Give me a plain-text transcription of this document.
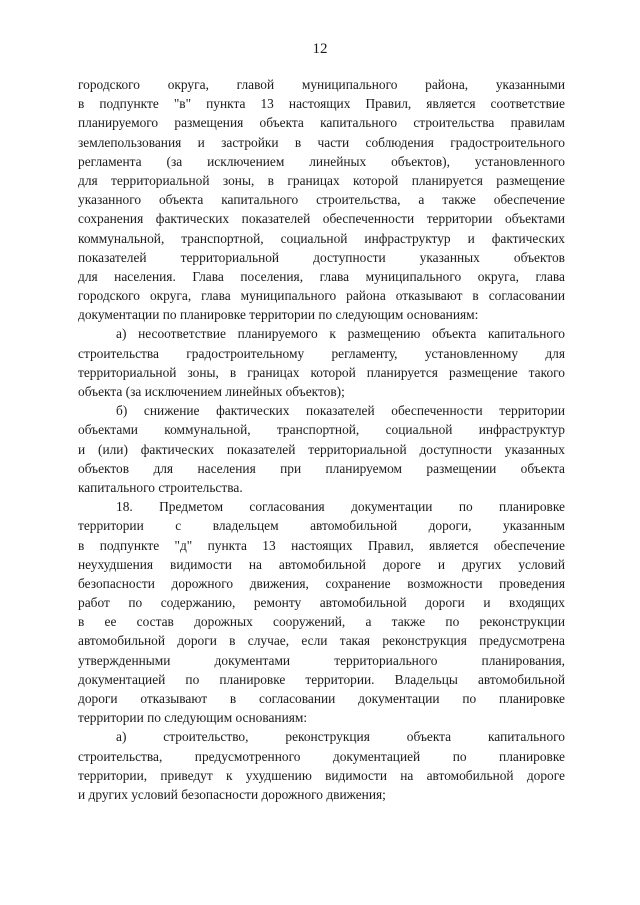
12
городского округа, главой муниципального района, указанными
в подпункте "в" пункта 13 настоящих Правил, является соответствие
планируемого размещения объекта капитального строительства правилам
землепользования и застройки в части соблюдения градостроительного
регламента (за исключением линейных объектов), установленного
для территориальной зоны, в границах которой планируется размещение
указанного объекта капитального строительства, а также обеспечение
сохранения фактических показателей обеспеченности территории объектами
коммунальной, транспортной, социальной инфраструктур и фактических
показателей территориальной доступности указанных объектов
для населения. Глава поселения, глава муниципального округа, глава
городского округа, глава муниципального района отказывают в согласовании
документации по планировке территории по следующим основаниям:
а) несоответствие планируемого к размещению объекта капитального
строительства градостроительному регламенту, установленному для
территориальной зоны, в границах которой планируется размещение такого
объекта (за исключением линейных объектов);
б) снижение фактических показателей обеспеченности территории
объектами коммунальной, транспортной, социальной инфраструктур
и (или) фактических показателей территориальной доступности указанных
объектов для населения при планируемом размещении объекта
капитального строительства.
18. Предметом согласования документации по планировке
территории с владельцем автомобильной дороги, указанным
в подпункте "д" пункта 13 настоящих Правил, является обеспечение
неухудшения видимости на автомобильной дороге и других условий
безопасности дорожного движения, сохранение возможности проведения
работ по содержанию, ремонту автомобильной дороги и входящих
в ее состав дорожных сооружений, а также по реконструкции
автомобильной дороги в случае, если такая реконструкция предусмотрена
утвержденными документами территориального планирования,
документацией по планировке территории. Владельцы автомобильной
дороги отказывают в согласовании документации по планировке
территории по следующим основаниям:
а) строительство, реконструкция объекта капитального
строительства, предусмотренного документацией по планировке
территории, приведут к ухудшению видимости на автомобильной дороге
и других условий безопасности дорожного движения;
